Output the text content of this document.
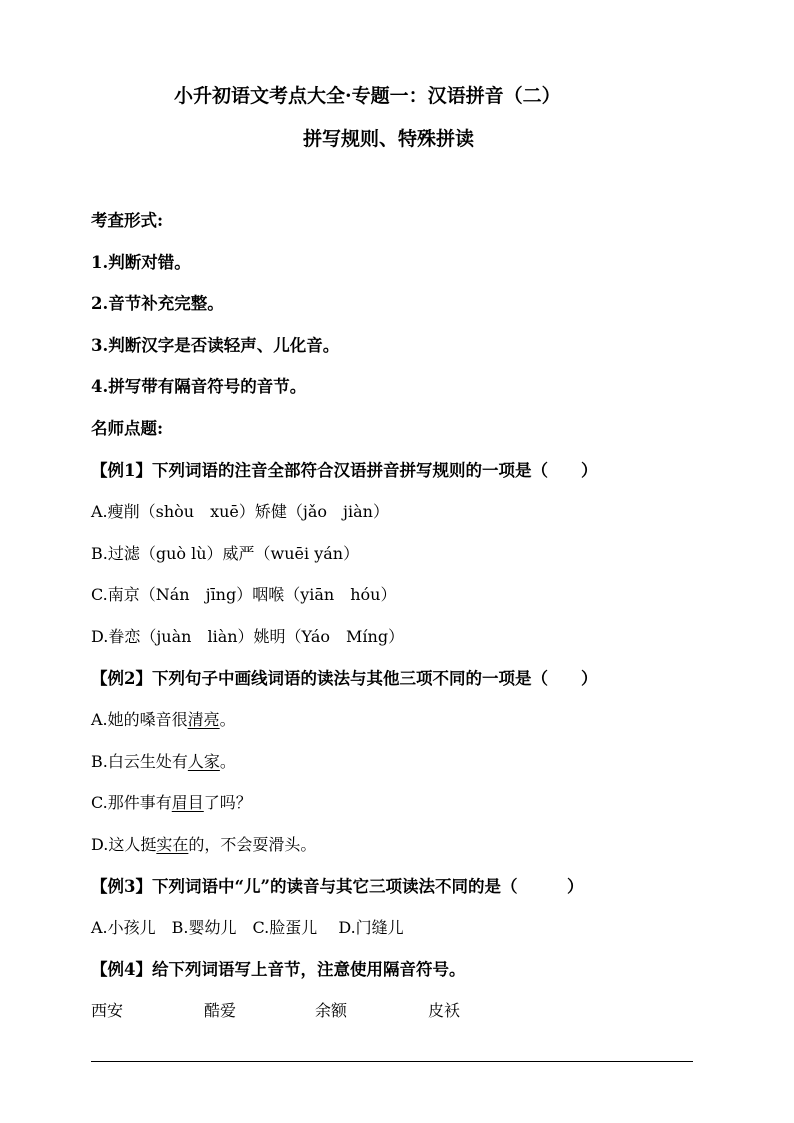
小升初语文考点大全·专题一：汉语拼音（二）
拼写规则、特殊拼读
考查形式:
1.判断对错。
2.音节补充完整。
3.判断汉字是否读轻声、儿化音。
4.拼写带有隔音符号的音节。
名师点题:
【例1】下列词语的注音全部符合汉语拼音拼写规则的一项是（　　）
A.瘦削（shòu　xuē）矫健（jǎo　jiàn）
B.过滤（guò lù）威严（wuēi yán）
C.南京（Nán　jīng）咽喉（yiān　hóu）
D.眷恋（juàn　liàn）姚明（Yáo　Míng）
【例2】下列句子中画线词语的读法与其他三项不同的一项是（　　）
A.她的嗓音很清亮。
B.白云生处有人家。
C.那件事有眉目了吗？
D.这人挺实在的，不会耍滑头。
【例3】下列词语中“儿”的读音与其它三项读法不同的是（　　　）
A.小孩儿　B.婴幼儿　C.脸蛋儿　 D.门缝儿
【例4】给下列词语写上音节，注意使用隔音符号。
西安	酷爱	余额	皮袄
